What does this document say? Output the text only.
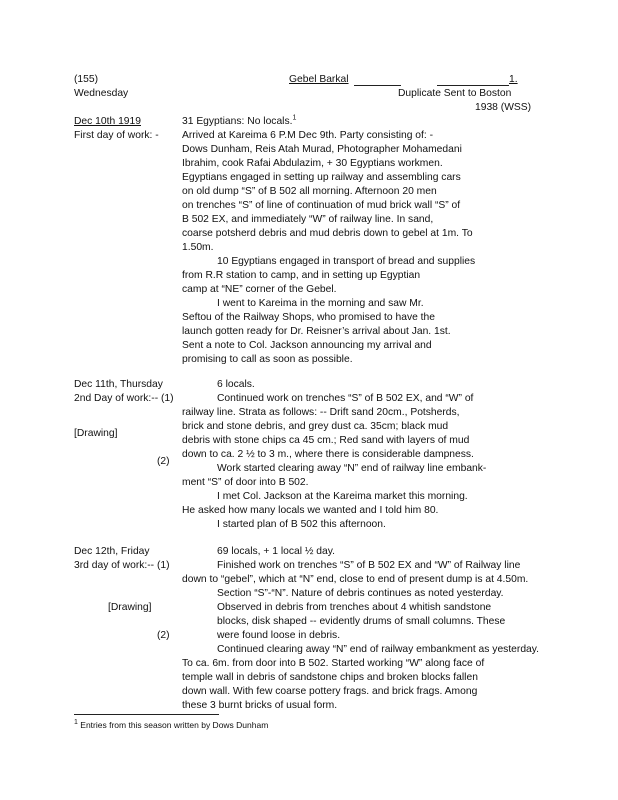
(155)	Gebel Barkal	1.
Wednesday	Duplicate Sent to Boston
1938 (WSS)
Dec 10th 1919
First day of work: -
31 Egyptians: No locals.$^1$
Arrived at Kareima 6 P.M Dec 9th. Party consisting of: -
Dows Dunham, Reis Atah Murad, Photographer Mohamedani
Ibrahim, cook Rafai Abdulazim, + 30 Egyptians workmen.
Egyptians engaged in setting up railway and assembling cars
on old dump “S” of B 502 all morning. Afternoon 20 men
on trenches “S” of line of continuation of mud brick wall “S” of
B 502 EX, and immediately “W” of railway line. In sand,
coarse potsherd debris and mud debris down to gebel at 1m. To
1.50m.
10 Egyptians engaged in transport of bread and supplies
from R.R station to camp, and in setting up Egyptian
camp at “NE” corner of the Gebel.
I went to Kareima in the morning and saw Mr.
Seftou of the Railway Shops, who promised to have the
launch gotten ready for Dr. Reisner’s arrival about Jan. 1st.
Sent a note to Col. Jackson announcing my arrival and
promising to call as soon as possible.
Dec 11th, Thursday
2nd Day of work:-- (1)
[Drawing]
(2)
6 locals.
Continued work on trenches “S” of B 502 EX, and “W” of
railway line. Strata as follows: -- Drift sand 20cm., Potsherds,
brick and stone debris, and grey dust ca. 35cm; black mud
debris with stone chips ca 45 cm.; Red sand with layers of mud
down to ca. 2 ½ to 3 m., where there is considerable dampness.
Work started clearing away “N” end of railway line embank-
ment “S” of door into B 502.
I met Col. Jackson at the Kareima market this morning.
He asked how many locals we wanted and I told him 80.
I started plan of B 502 this afternoon.
Dec 12th, Friday
3rd day of work:-- (1)
[Drawing]
(2)
69 locals, + 1 local ½ day.
Finished work on trenches “S” of B 502 EX and “W” of Railway line
down to “gebel”, which at “N” end, close to end of present dump is at 4.50m.
Section “S”-“N”. Nature of debris continues as noted yesterday.
Observed in debris from trenches about 4 whitish sandstone
blocks, disk shaped -- evidently drums of small columns. These
were found loose in debris.
Continued clearing away “N” end of railway embankment as yesterday.
To ca. 6m. from door into B 502. Started working “W” along face of
temple wall in debris of sandstone chips and broken blocks fallen
down wall. With few coarse pottery frags. and brick frags. Among
these 3 burnt bricks of usual form.
$^1$ Entries from this season written by Dows Dunham
